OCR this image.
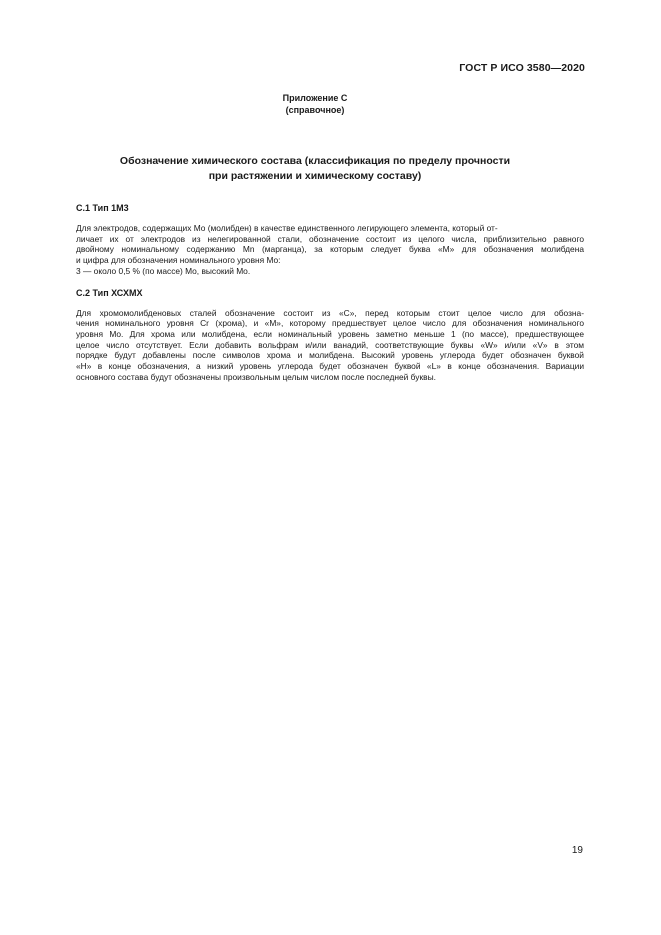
ГОСТ Р ИСО 3580—2020
Приложение С
(справочное)
Обозначение химического состава (классификация по пределу прочности
при растяжении и химическому составу)
С.1 Тип 1М3
Для электродов, содержащих Mo (молибден) в качестве единственного легирующего элемента, который от-
личает их от электродов из нелегированной стали, обозначение состоит из целого числа, приблизительно равного
двойному номинальному содержанию Mn (марганца), за которым следует буква «М» для обозначения молибдена
и цифра для обозначения номинального уровня Mo:
3 — около 0,5 % (по массе) Mo, высокий Mo.
С.2 Тип ХСХМХ
Для хромомолибденовых сталей обозначение состоит из «С», перед которым стоит целое число для обозна-
чения номинального уровня Cr (хрома), и «М», которому предшествует целое число для обозначения номинального
уровня Mo. Для хрома или молибдена, если номинальный уровень заметно меньше 1 (по массе), предшествующее
целое число отсутствует. Если добавить вольфрам и/или ванадий, соответствующие буквы «W» и/или «V» в этом
порядке будут добавлены после символов хрома и молибдена. Высокий уровень углерода будет обозначен буквой
«Н» в конце обозначения, а низкий уровень углерода будет обозначен буквой «L» в конце обозначения. Вариации
основного состава будут обозначены произвольным целым числом после последней буквы.
19
